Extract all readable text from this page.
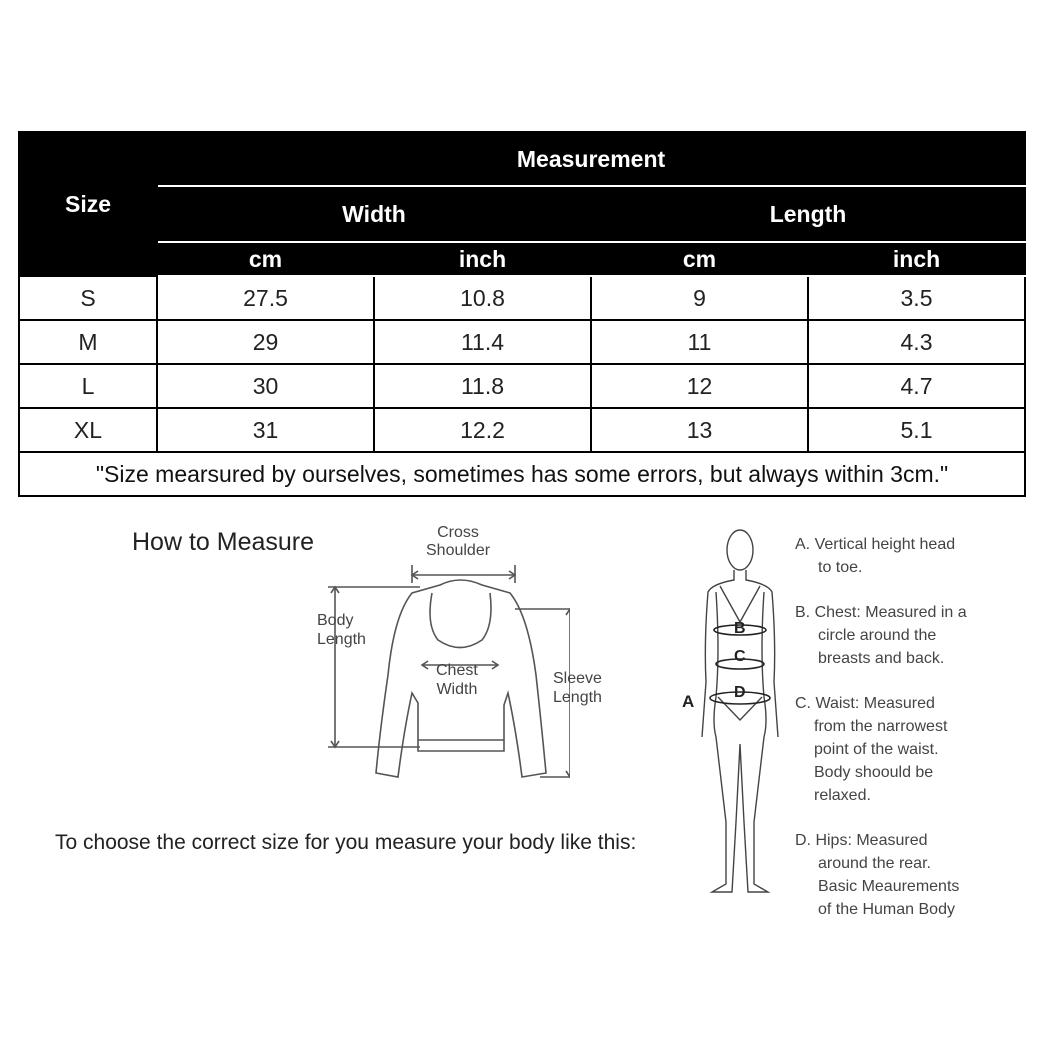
Size	Measurement			
	Width		Length	
	cm	inch	cm	inch
S	27.5	10.8	9	3.5
M	29	11.4	11	4.3
L	30	11.8	12	4.7
XL	31	12.2	13	5.1
"Size mearsured by ourselves, sometimes has some errors, but always within 3cm."				
How to Measure	Cross
Shoulder
Body
Length
Chest
Width
Sleeve
Length
To choose the correct size for you measure your body like this:
B
C
D
A
A. Vertical height head
to toe.
B. Chest: Measured in a
circle around the
breasts and back.
C. Waist: Measured
from the narrowest
point of the waist.
Body shoould be
relaxed.
D. Hips: Measured
around the rear.
Basic Meaurements
of the Human Body
